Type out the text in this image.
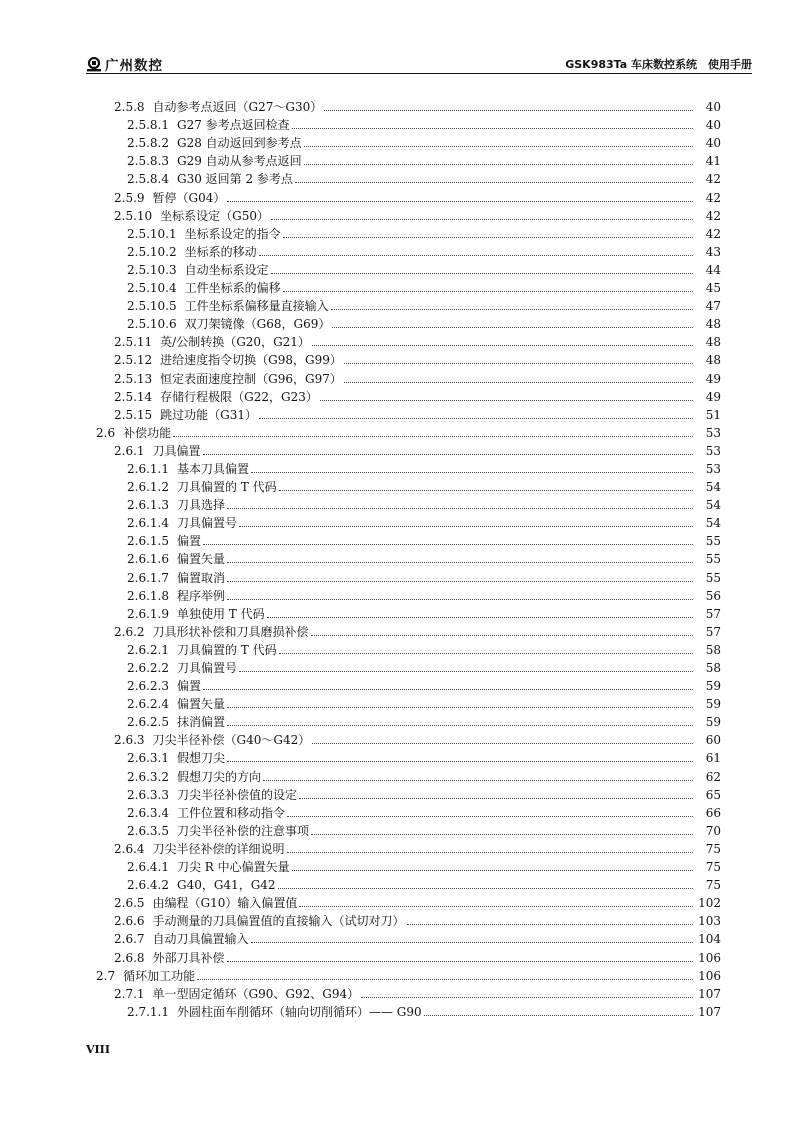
广州数控	GSK983Ta 车床数控系统　使用手册
2.5.8 自动参考点返回（G27～G30）	40
2.5.8.1 G27 参考点返回检查	40
2.5.8.2 G28 自动返回到参考点	40
2.5.8.3 G29 自动从参考点返回	41
2.5.8.4 G30 返回第 2 参考点	42
2.5.9 暂停（G04）	42
2.5.10 坐标系设定（G50）	42
2.5.10.1 坐标系设定的指令	42
2.5.10.2 坐标系的移动	43
2.5.10.3 自动坐标系设定	44
2.5.10.4 工件坐标系的偏移	45
2.5.10.5 工件坐标系偏移量直接输入	47
2.5.10.6 双刀架镜像（G68，G69）	48
2.5.11 英/公制转换（G20，G21）	48
2.5.12 进给速度指令切换（G98，G99）	48
2.5.13 恒定表面速度控制（G96，G97）	49
2.5.14 存储行程极限（G22，G23）	49
2.5.15 跳过功能（G31）	51
2.6 补偿功能	53
2.6.1 刀具偏置	53
2.6.1.1 基本刀具偏置	53
2.6.1.2 刀具偏置的 T 代码	54
2.6.1.3 刀具选择	54
2.6.1.4 刀具偏置号	54
2.6.1.5 偏置	55
2.6.1.6 偏置矢量	55
2.6.1.7 偏置取消	55
2.6.1.8 程序举例	56
2.6.1.9 单独使用 T 代码	57
2.6.2 刀具形状补偿和刀具磨损补偿	57
2.6.2.1 刀具偏置的 T 代码	58
2.6.2.2 刀具偏置号	58
2.6.2.3 偏置	59
2.6.2.4 偏置矢量	59
2.6.2.5 抹消偏置	59
2.6.3 刀尖半径补偿（G40～G42）	60
2.6.3.1 假想刀尖	61
2.6.3.2 假想刀尖的方向	62
2.6.3.3 刀尖半径补偿值的设定	65
2.6.3.4 工件位置和移动指令	66
2.6.3.5 刀尖半径补偿的注意事项	70
2.6.4 刀尖半径补偿的详细说明	75
2.6.4.1 刀尖 R 中心偏置矢量	75
2.6.4.2 G40，G41，G42	75
2.6.5 由编程（G10）输入偏置值	102
2.6.6 手动测量的刀具偏置值的直接输入（试切对刀）	103
2.6.7 自动刀具偏置输入	104
2.6.8 外部刀具补偿	106
2.7 循环加工功能	106
2.7.1 单一型固定循环（G90、G92、G94）	107
2.7.1.1 外圆柱面车削循环（轴向切削循环）—— G90	107
VIII
